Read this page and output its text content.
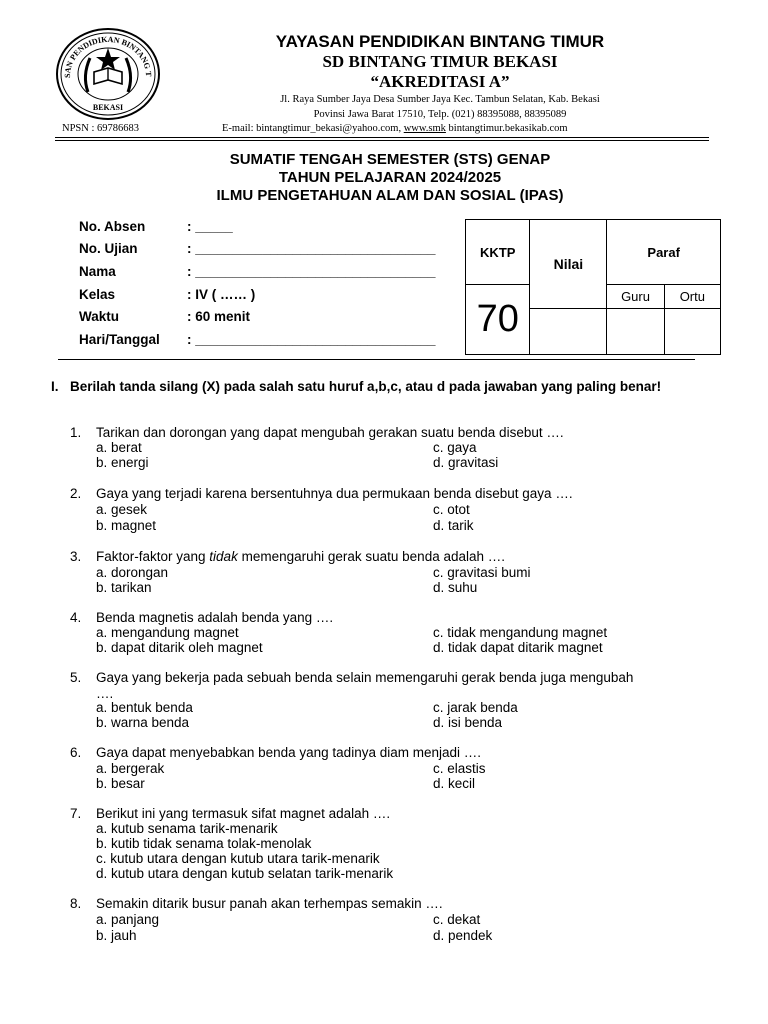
SAN PENDIDIKAN BINTANG T
BEKASI
YAYASAN PENDIDIKAN BINTANG TIMUR
SD BINTANG TIMUR BEKASI
“AKREDITASI A”
Jl. Raya Sumber Jaya Desa Sumber Jaya Kec. Tambun Selatan, Kab. Bekasi
Povinsi Jawa Barat 17510, Telp. (021) 88395088, 88395089
NPSN : 69786683	E-mail: bintangtimur_bekasi@yahoo.com, www.smk bintangtimur.bekasikab.com
SUMATIF TENGAH SEMESTER (STS) GENAP
TAHUN PELAJARAN 2024/2025
ILMU PENGETAHUAN ALAM DAN SOSIAL (IPAS)
No. Absen	: _____
No. Ujian	: ________________________________
Nama	: ________________________________
Kelas	: IV ( …… )
Waktu	: 60 menit
Hari/Tanggal : ________________________________
KKTP	Nilai	Paraf	
70		Guru	Ortu

I. Berilah tanda silang (X) pada salah satu huruf a,b,c, atau d pada jawaban yang paling benar!
1. Tarikan dan dorongan yang dapat mengubah gerakan suatu benda disebut ….
a. berat	c. gaya
b. energi	d. gravitasi
2. Gaya yang terjadi karena bersentuhnya dua permukaan benda disebut gaya ….
a. gesek	c. otot
b. magnet	d. tarik
3. Faktor-faktor yang tidak memengaruhi gerak suatu benda adalah ….
a. dorongan	c. gravitasi bumi
b. tarikan	d. suhu
4. Benda magnetis adalah benda yang ….
a. mengandung magnet	c. tidak mengandung magnet
b. dapat ditarik oleh magnet	d. tidak dapat ditarik magnet
5. Gaya yang bekerja pada sebuah benda selain memengaruhi gerak benda juga mengubah
….
a. bentuk benda	c. jarak benda
b. warna benda	d. isi benda
6. Gaya dapat menyebabkan benda yang tadinya diam menjadi ….
a. bergerak	c. elastis
b. besar	d. kecil
7. Berikut ini yang termasuk sifat magnet adalah ….
a. kutub senama tarik-menarik
b. kutib tidak senama tolak-menolak
c. kutub utara dengan kutub utara tarik-menarik
d. kutub utara dengan kutub selatan tarik-menarik
8. Semakin ditarik busur panah akan terhempas semakin ….
a. panjang	c. dekat
b. jauh	d. pendek
